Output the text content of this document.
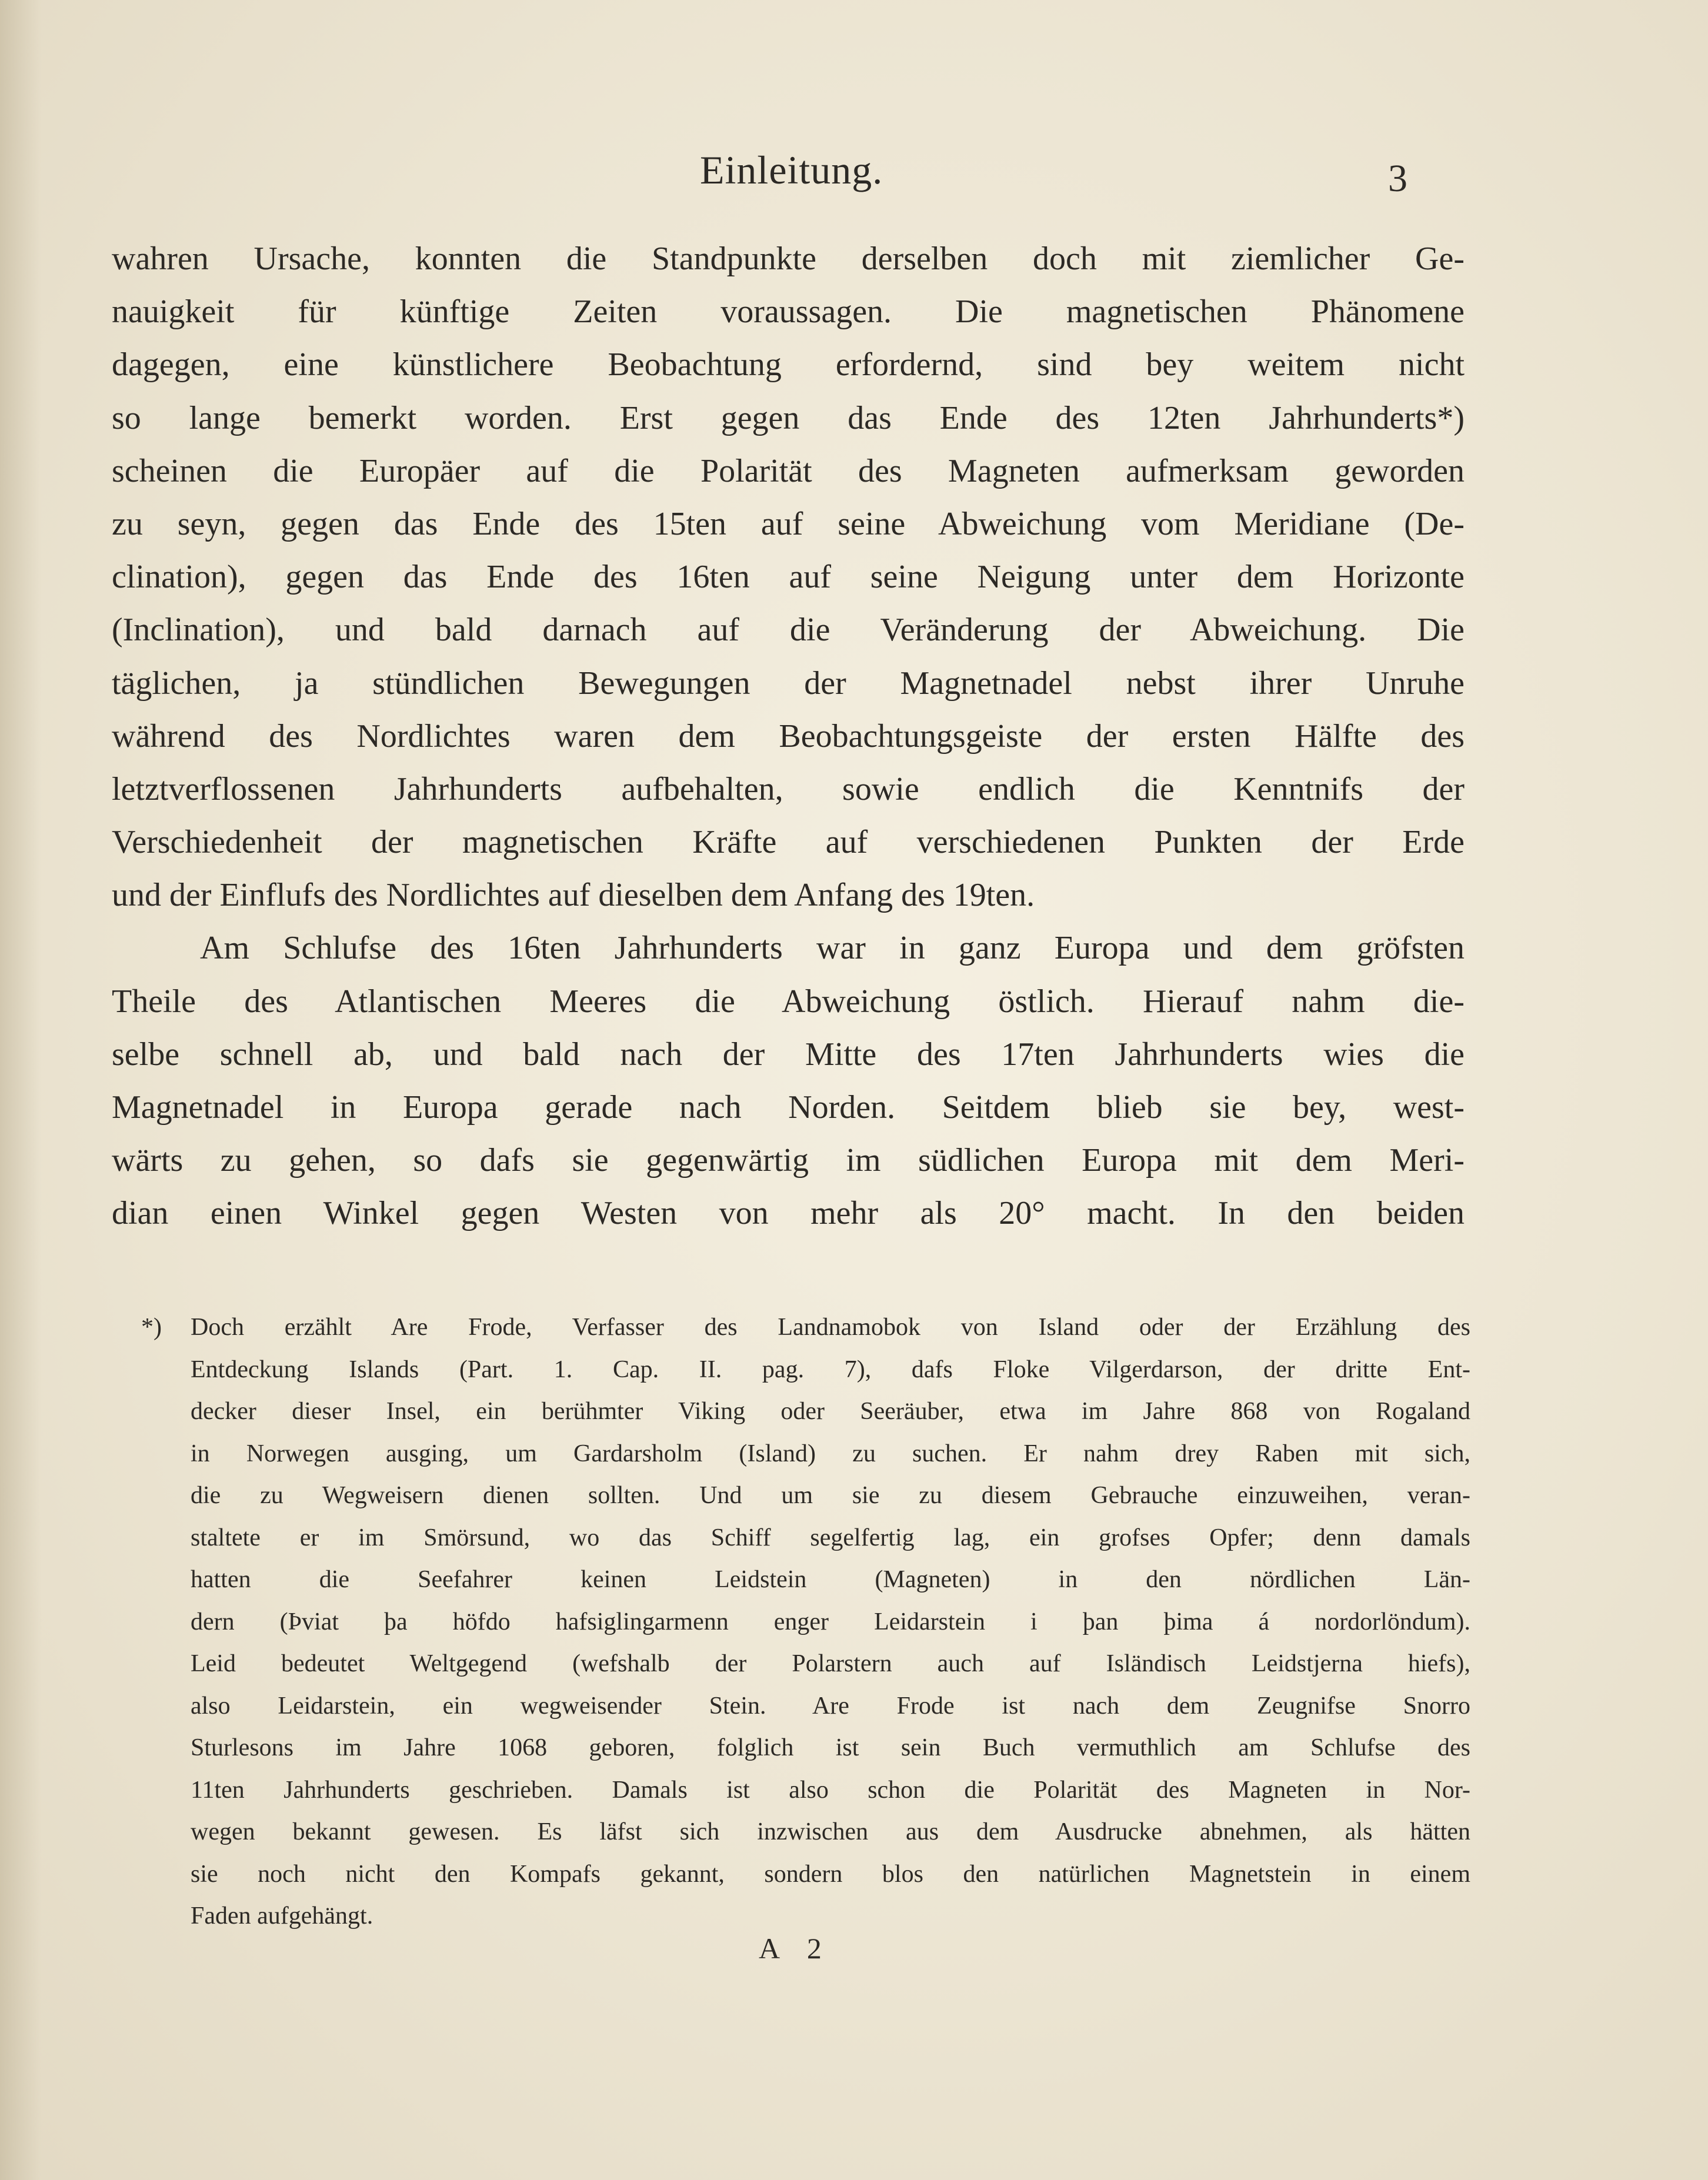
Einleitung.	3
wahren Ursache, konnten die Standpunkte derselben doch mit ziemlicher Ge-
nauigkeit für künftige Zeiten voraussagen. Die magnetischen Phänomene
dagegen, eine künstlichere Beobachtung erfordernd, sind bey weitem nicht
so lange bemerkt worden. Erst gegen das Ende des 12ten Jahrhunderts*)
scheinen die Europäer auf die Polarität des Magneten aufmerksam geworden
zu seyn, gegen das Ende des 15ten auf seine Abweichung vom Meridiane (De-
clination), gegen das Ende des 16ten auf seine Neigung unter dem Horizonte
(Inclination), und bald darnach auf die Veränderung der Abweichung. Die
täglichen, ja stündlichen Bewegungen der Magnetnadel nebst ihrer Unruhe
während des Nordlichtes waren dem Beobachtungsgeiste der ersten Hälfte des
letztverflossenen Jahrhunderts aufbehalten, sowie endlich die Kenntnifs der
Verschiedenheit der magnetischen Kräfte auf verschiedenen Punkten der Erde
und der Einflufs des Nordlichtes auf dieselben dem Anfang des 19ten.
Am Schlufse des 16ten Jahrhunderts war in ganz Europa und dem gröfsten
Theile des Atlantischen Meeres die Abweichung östlich. Hierauf nahm die-
selbe schnell ab, und bald nach der Mitte des 17ten Jahrhunderts wies die
Magnetnadel in Europa gerade nach Norden. Seitdem blieb sie bey, west-
wärts zu gehen, so dafs sie gegenwärtig im südlichen Europa mit dem Meri-
dian einen Winkel gegen Westen von mehr als 20° macht. In den beiden
*) Doch erzählt Are Frode, Verfasser des Landnamobok von Island oder der Erzählung des
Entdeckung Islands (Part. 1. Cap. II. pag. 7), dafs Floke Vilgerdarson, der dritte Ent-
decker dieser Insel, ein berühmter Viking oder Seeräuber, etwa im Jahre 868 von Rogaland
in Norwegen ausging, um Gardarsholm (Island) zu suchen. Er nahm drey Raben mit sich,
die zu Wegweisern dienen sollten. Und um sie zu diesem Gebrauche einzuweihen, veran-
staltete er im Smörsund, wo das Schiff segelfertig lag, ein grofses Opfer; denn damals
hatten die Seefahrer keinen Leidstein (Magneten) in den nördlichen Län-
dern (Þviat þa höfdo hafsiglingarmenn enger Leidarstein i þan þima á nordorlöndum).
Leid bedeutet Weltgegend (wefshalb der Polarstern auch auf Isländisch Leidstjerna hiefs),
also Leidarstein, ein wegweisender Stein. Are Frode ist nach dem Zeugnifse Snorro
Sturlesons im Jahre 1068 geboren, folglich ist sein Buch vermuthlich am Schlufse des
11ten Jahrhunderts geschrieben. Damals ist also schon die Polarität des Magneten in Nor-
wegen bekannt gewesen. Es läfst sich inzwischen aus dem Ausdrucke abnehmen, als hätten
sie noch nicht den Kompafs gekannt, sondern blos den natürlichen Magnetstein in einem
Faden aufgehängt.
A 2
